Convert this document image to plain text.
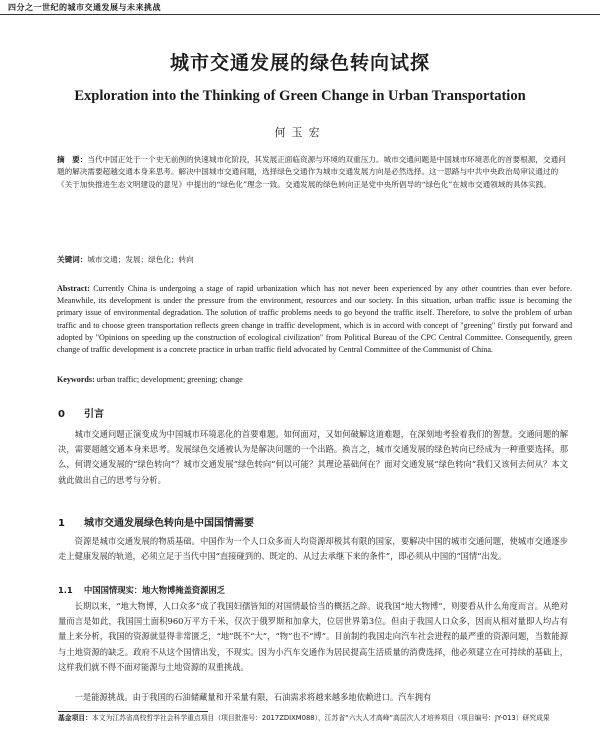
四分之一世纪的城市交通发展与未来挑战
城市交通发展的绿色转向试探
Exploration into the Thinking of Green Change in Urban Transportation
何玉宏
摘　要：当代中国正处于一个史无前例的快速城市化阶段，其发展正面临资源与环境的双重压力。城市交通问题是中国城市环境恶化的首要根源，交通问题的解决需要超越交通本身来思考。解决中国城市交通问题，选择绿色交通作为城市交通发展方向是必然选择。这一思路与中共中央政治局审议通过的《关于加快推进生态文明建设的意见》中提出的“绿色化”理念一致。交通发展的绿色转向正是党中央所倡导的“绿色化”在城市交通领域的具体实践。
关键词：城市交通；发展；绿色化；转向
Abstract: Currently China is undergoing a stage of rapid urbanization which has not never been experienced by any other countries than ever before. Meanwhile, its development is under the pressure from the environment, resources and our society. In this situation, urban traffic issue is becoming the primary issue of environmental degradation. The solution of traffic problems needs to go beyond the traffic itself. Therefore, to solve the problem of urban traffic and to choose green transportation reflects green change in traffic development, which is in accord with concept of "greening" firstly put forward and adopted by "Opinions on speeding up the construction of ecological civilization" from Political Bureau of the CPC Central Committee. Consequently, green change of traffic development is a concrete practice in urban traffic field advocated by Central Committee of the Communist of China.
Keywords: urban traffic; development; greening; change
0 引言
城市交通问题正演变成为中国城市环境恶化的首要难题。如何面对，又如何破解这道难题，在深刻地考验着我们的智慧。交通问题的解决，需要超越交通本身来思考。发展绿色交通被认为是解决问题的一个出路。换言之，城市交通发展的绿色转向已经成为一种重要选择。那么，何谓交通发展的“绿色转向”？城市交通发展“绿色转向”何以可能？其理论基础何在？面对交通发展“绿色转向”我们又该何去何从？本文就此做出自己的思考与分析。
1 城市交通发展绿色转向是中国国情需要
资源是城市交通发展的物质基础。中国作为一个人口众多而人均资源却极其有限的国家，要解决中国的城市交通问题，使城市交通逐步走上健康发展的轨道，必须立足于当代中国“直接碰到的、既定的、从过去承继下来的条件”，即必须从中国的“国情”出发。
1.1 中国国情现实：地大物博掩盖资源困乏
长期以来，“地大物博，人口众多”成了我国妇孺皆知的对国情最恰当的概括之辞。说我国“地大物博”，则要看从什么角度而言。从绝对量而言是如此，我国国土面积960万平方千米，仅次于俄罗斯和加拿大，位居世界第3位。但由于我国人口众多，因而从相对量即人均占有量上来分析，我国的资源就显得非常匮乏，“地”既不“大”，“物”也不“博”。目前制约我国走向汽车社会进程的最严重的资源问题，当数能源与土地资源的缺乏。政府不从这个国情出发，不现实。因为小汽车交通作为居民提高生活质量的消费选择，他必须建立在可持续的基础上，这样我们就不得不面对能源与土地资源的双重挑战。
一是能源挑战。由于我国的石油储藏量和开采量有限，石油需求将越来越多地依赖进口。汽车拥有
基金项目：本文为江苏省高校哲学社会科学重点项目（项目批准号：2017ZDIXM088），江苏省“六大人才高峰”高层次人才培养项目（项目编号：JY-013）研究成果
